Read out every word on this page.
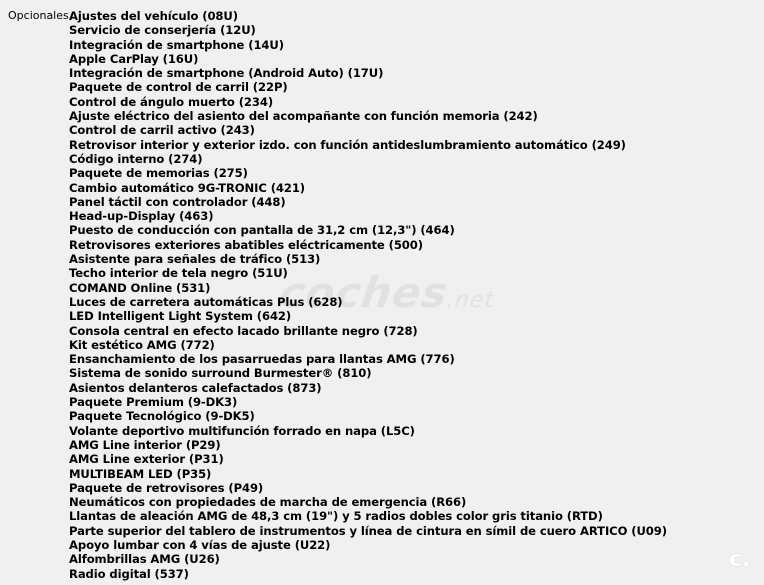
Opcionales Ajustes del vehículo (08U)
Servicio de conserjería (12U)
Integración de smartphone (14U)
Apple CarPlay (16U)
Integración de smartphone (Android Auto) (17U)
Paquete de control de carril (22P)
Control de ángulo muerto (234)
Ajuste eléctrico del asiento del acompañante con función memoria (242)
Control de carril activo (243)
Retrovisor interior y exterior izdo. con función antideslumbramiento automático (249)
Código interno (274)
Paquete de memorias (275)
Cambio automático 9G-TRONIC (421)
Panel táctil con controlador (448)
Head-up-Display (463)
Puesto de conducción con pantalla de 31,2 cm (12,3") (464)
Retrovisores exteriores abatibles eléctricamente (500)
Asistente para señales de tráfico (513)
Techo interior de tela negro (51U)
COMAND Online (531)
Luces de carretera automáticas Plus (628)
LED Intelligent Light System (642)
Consola central en efecto lacado brillante negro (728)
Kit estético AMG (772)
Ensanchamiento de los pasarruedas para llantas AMG (776)
Sistema de sonido surround Burmester® (810)
Asientos delanteros calefactados (873)
Paquete Premium (9-DK3)
Paquete Tecnológico (9-DK5)
Volante deportivo multifunción forrado en napa (L5C)
AMG Line interior (P29)
AMG Line exterior (P31)
MULTIBEAM LED (P35)
Paquete de retrovisores (P49)
Neumáticos con propiedades de marcha de emergencia (R66)
Llantas de aleación AMG de 48,3 cm (19") y 5 radios dobles color gris titanio (RTD)
Parte superior del tablero de instrumentos y línea de cintura en símil de cuero ARTICO (U09)
Apoyo lumbar con 4 vías de ajuste (U22)
Alfombrillas AMG (U26)
Radio digital (537)
coches.net
c.
